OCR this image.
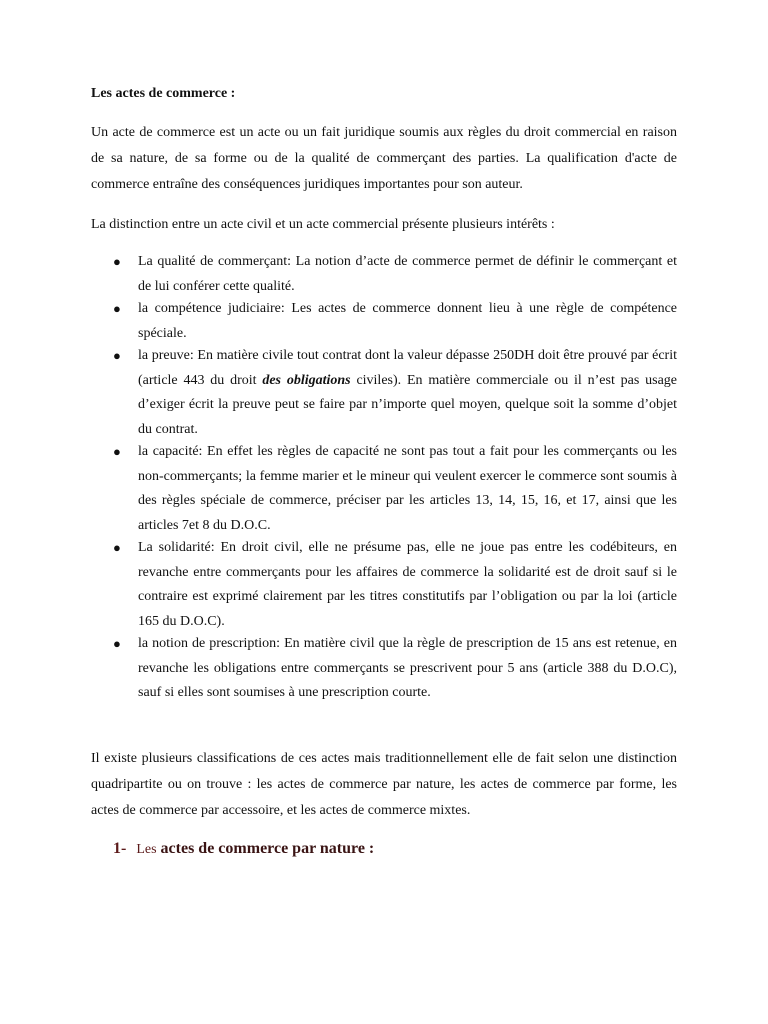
Les actes de commerce :

Un acte de commerce est un acte ou un fait juridique soumis aux règles du droit commercial en raison de sa nature, de sa forme ou de la qualité de commerçant des parties. La qualification d'acte de commerce entraîne des conséquences juridiques importantes pour son auteur.

La distinction entre un acte civil et un acte commercial présente plusieurs intérêts :

● La qualité de commerçant: La notion d’acte de commerce permet de définir le commerçant et de lui conférer cette qualité.
● la compétence judiciaire: Les actes de commerce donnent lieu à une règle de compétence spéciale.
● la preuve: En matière civile tout contrat dont la valeur dépasse 250DH doit être prouvé par écrit (article 443 du droit des obligations civiles). En matière commerciale ou il n’est pas usage d’exiger écrit la preuve peut se faire par n’importe quel moyen, quelque soit la somme d’objet du contrat.
● la capacité: En effet les règles de capacité ne sont pas tout a fait pour les commerçants ou les non-commerçants; la femme marier et le mineur qui veulent exercer le commerce sont soumis à des règles spéciale de commerce, préciser par les articles 13, 14, 15, 16, et 17, ainsi que les articles 7et 8 du D.O.C.
● La solidarité: En droit civil, elle ne présume pas, elle ne joue pas entre les codébiteurs, en revanche entre commerçants pour les affaires de commerce la solidarité est de droit sauf si le contraire est exprimé clairement par les titres constitutifs par l’obligation ou par la loi (article 165 du D.O.C).
● la notion de prescription: En matière civil que la règle de prescription de 15 ans est retenue, en revanche les obligations entre commerçants se prescrivent pour 5 ans (article 388 du D.O.C), sauf si elles sont soumises à une prescription courte.

Il existe plusieurs classifications de ces actes mais traditionnellement elle de fait selon une distinction quadripartite ou on trouve : les actes de commerce par nature, les actes de commerce par forme, les actes de commerce par accessoire, et les actes de commerce mixtes.

1- Les actes de commerce par nature :
